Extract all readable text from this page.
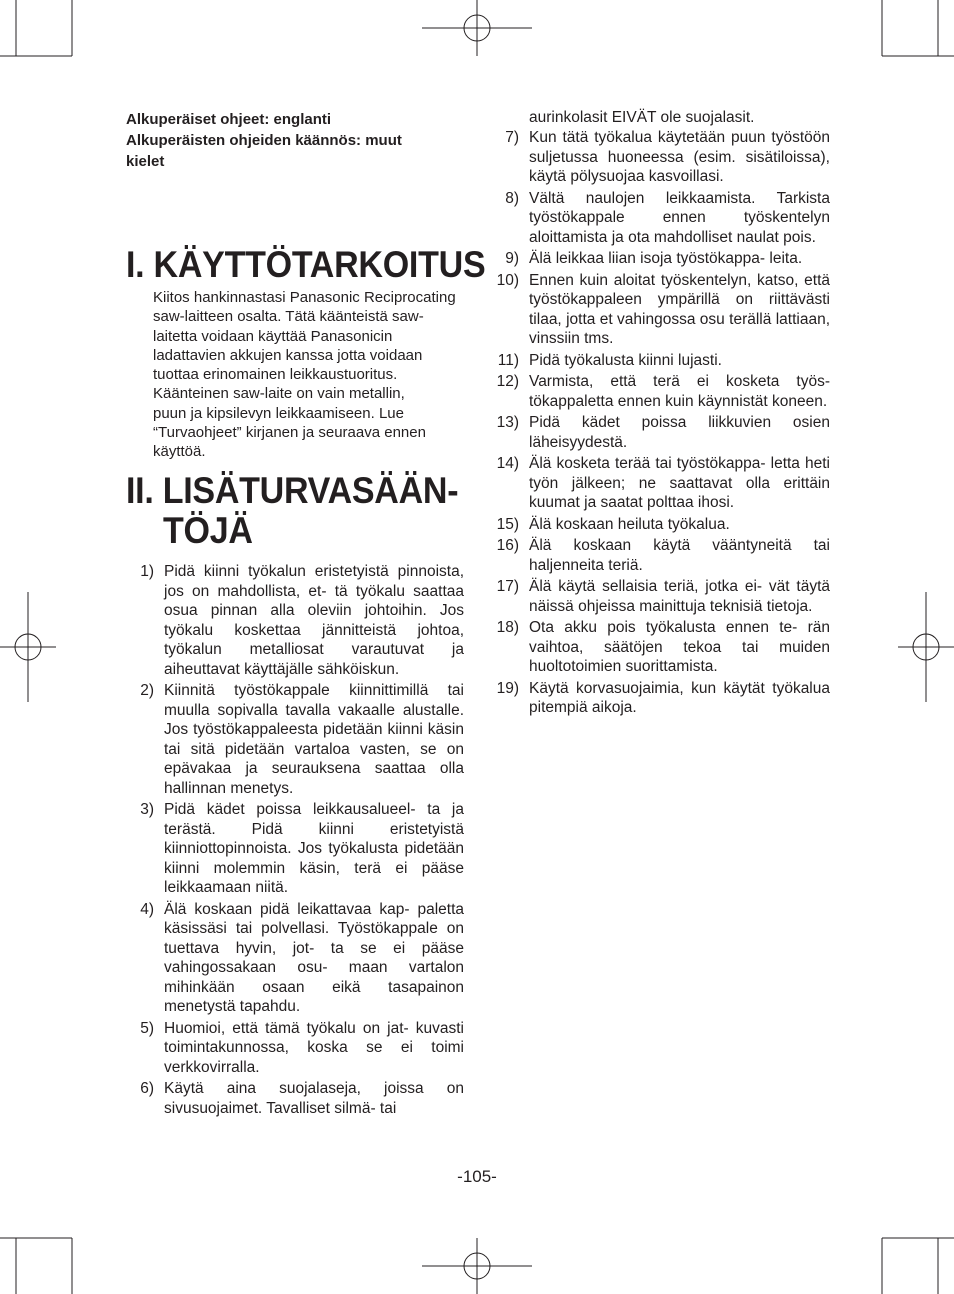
Alkuperäiset ohjeet: englanti
Alkuperäisten ohjeiden käännös: muut
kielet
I. KÄYTTÖTARKOITUS
Kiitos hankinnastasi Panasonic Reciprocating
saw-laitteen osalta. Tätä käänteistä saw-
laitetta voidaan käyttää Panasonicin
ladattavien akkujen kanssa jotta voidaan
tuottaa erinomainen leikkaustuoritus.
Käänteinen saw-laite on vain metallin,
puun ja kipsilevyn leikkaamiseen. Lue
“Turvaohjeet” kirjanen ja seuraava ennen
käyttöä.
II. LISÄTURVASÄÄN-
TÖJÄ
1) Pidä kiinni työkalun eristetyistä pinnoista, jos on mahdollista, et- tä työkalu saattaa osua pinnan alla oleviin johtoihin. Jos työkalu koskettaa jännitteistä johtoa, työkalun metalliosat varautuvat ja aiheuttavat käyttäjälle sähköiskun.
2) Kiinnitä työstökappale kiinnittimillä tai muulla sopivalla tavalla vakaalle alustalle. Jos työstökappaleesta pidetään kiinni käsin tai sitä pidetään vartaloa vasten, se on epävakaa ja seurauksena saattaa olla hallinnan menetys.
3) Pidä kädet poissa leikkausalueel- ta ja terästä. Pidä kiinni eristetyistä kiinniottopinnoista. Jos työkalusta pidetään kiinni molemmin käsin, terä ei pääse leikkaamaan niitä.
4) Älä koskaan pidä leikattavaa kap- paletta käsissäsi tai polvellasi. Työstökappale on tuettava hyvin, jot- ta se ei pääse vahingossakaan osu- maan vartalon mihinkään osaan eikä tasapainon menetystä tapahdu.
5) Huomioi, että tämä työkalu on jat- kuvasti toimintakunnossa, koska se ei toimi verkkovirralla.
6) Käytä aina suojalaseja, joissa on sivusuojaimet. Tavalliset silmä- tai
aurinkolasit EIVÄT ole suojalasit.
7) Kun tätä työkalua käytetään puun työstöön suljetussa huoneessa (esim. sisätiloissa), käytä pölysuojaa kasvoillasi.
8) Vältä naulojen leikkaamista. Tarkista työstökappale ennen työskentelyn aloittamista ja ota mahdolliset naulat pois.
9) Älä leikkaa liian isoja työstökappa- leita.
10) Ennen kuin aloitat työskentelyn, katso, että työstökappaleen ympärillä on riittävästi tilaa, jotta et vahingossa osu terällä lattiaan, vinssiin tms.
11) Pidä työkalusta kiinni lujasti.
12) Varmista, että terä ei kosketa työs- tökappaletta ennen kuin käynnistät koneen.
13) Pidä kädet poissa liikkuvien osien läheisyydestä.
14) Älä kosketa terää tai työstökappa- letta heti työn jälkeen; ne saattavat olla erittäin kuumat ja saatat polttaa ihosi.
15) Älä koskaan heiluta työkalua.
16) Älä koskaan käytä vääntyneitä tai haljenneita teriä.
17) Älä käytä sellaisia teriä, jotka ei- vät täytä näissä ohjeissa mainittuja teknisiä tietoja.
18) Ota akku pois työkalusta ennen te- rän vaihtoa, säätöjen tekoa tai muiden huoltotoimien suorittamista.
19) Käytä korvasuojaimia, kun käytät työkalua pitempiä aikoja.
-105-
